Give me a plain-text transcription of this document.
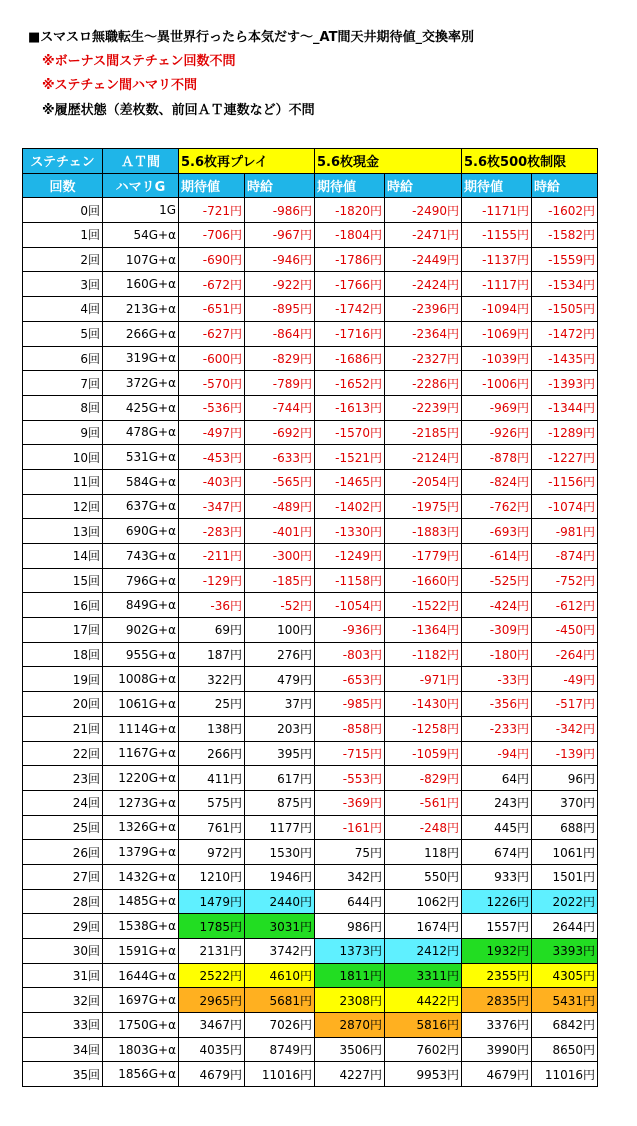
■スマスロ無職転生～異世界行ったら本気だす～_AT間天井期待値_交換率別
※ボーナス間ステチェン回数不問
※ステチェン間ハマリ不問
※履歴状態（差枚数、前回ＡＴ連数など）不問
ステチェン	ＡＴ間	5.6枚再プレイ		5.6枚現金		5.6枚500枚制限	
回数	ハマリG	期待値	時給	期待値	時給	期待値	時給
0回	1G	-721円	-986円	-1820円	-2490円	-1171円	-1602円
1回	54G+α	-706円	-967円	-1804円	-2471円	-1155円	-1582円
2回	107G+α	-690円	-946円	-1786円	-2449円	-1137円	-1559円
3回	160G+α	-672円	-922円	-1766円	-2424円	-1117円	-1534円
4回	213G+α	-651円	-895円	-1742円	-2396円	-1094円	-1505円
5回	266G+α	-627円	-864円	-1716円	-2364円	-1069円	-1472円
6回	319G+α	-600円	-829円	-1686円	-2327円	-1039円	-1435円
7回	372G+α	-570円	-789円	-1652円	-2286円	-1006円	-1393円
8回	425G+α	-536円	-744円	-1613円	-2239円	-969円	-1344円
9回	478G+α	-497円	-692円	-1570円	-2185円	-926円	-1289円
10回	531G+α	-453円	-633円	-1521円	-2124円	-878円	-1227円
11回	584G+α	-403円	-565円	-1465円	-2054円	-824円	-1156円
12回	637G+α	-347円	-489円	-1402円	-1975円	-762円	-1074円
13回	690G+α	-283円	-401円	-1330円	-1883円	-693円	-981円
14回	743G+α	-211円	-300円	-1249円	-1779円	-614円	-874円
15回	796G+α	-129円	-185円	-1158円	-1660円	-525円	-752円
16回	849G+α	-36円	-52円	-1054円	-1522円	-424円	-612円
17回	902G+α	69円	100円	-936円	-1364円	-309円	-450円
18回	955G+α	187円	276円	-803円	-1182円	-180円	-264円
19回	1008G+α	322円	479円	-653円	-971円	-33円	-49円
20回	1061G+α	25円	37円	-985円	-1430円	-356円	-517円
21回	1114G+α	138円	203円	-858円	-1258円	-233円	-342円
22回	1167G+α	266円	395円	-715円	-1059円	-94円	-139円
23回	1220G+α	411円	617円	-553円	-829円	64円	96円
24回	1273G+α	575円	875円	-369円	-561円	243円	370円
25回	1326G+α	761円	1177円	-161円	-248円	445円	688円
26回	1379G+α	972円	1530円	75円	118円	674円	1061円
27回	1432G+α	1210円	1946円	342円	550円	933円	1501円
28回	1485G+α	1479円	2440円	644円	1062円	1226円	2022円
29回	1538G+α	1785円	3031円	986円	1674円	1557円	2644円
30回	1591G+α	2131円	3742円	1373円	2412円	1932円	3393円
31回	1644G+α	2522円	4610円	1811円	3311円	2355円	4305円
32回	1697G+α	2965円	5681円	2308円	4422円	2835円	5431円
33回	1750G+α	3467円	7026円	2870円	5816円	3376円	6842円
34回	1803G+α	4035円	8749円	3506円	7602円	3990円	8650円
35回	1856G+α	4679円	11016円	4227円	9953円	4679円	11016円
